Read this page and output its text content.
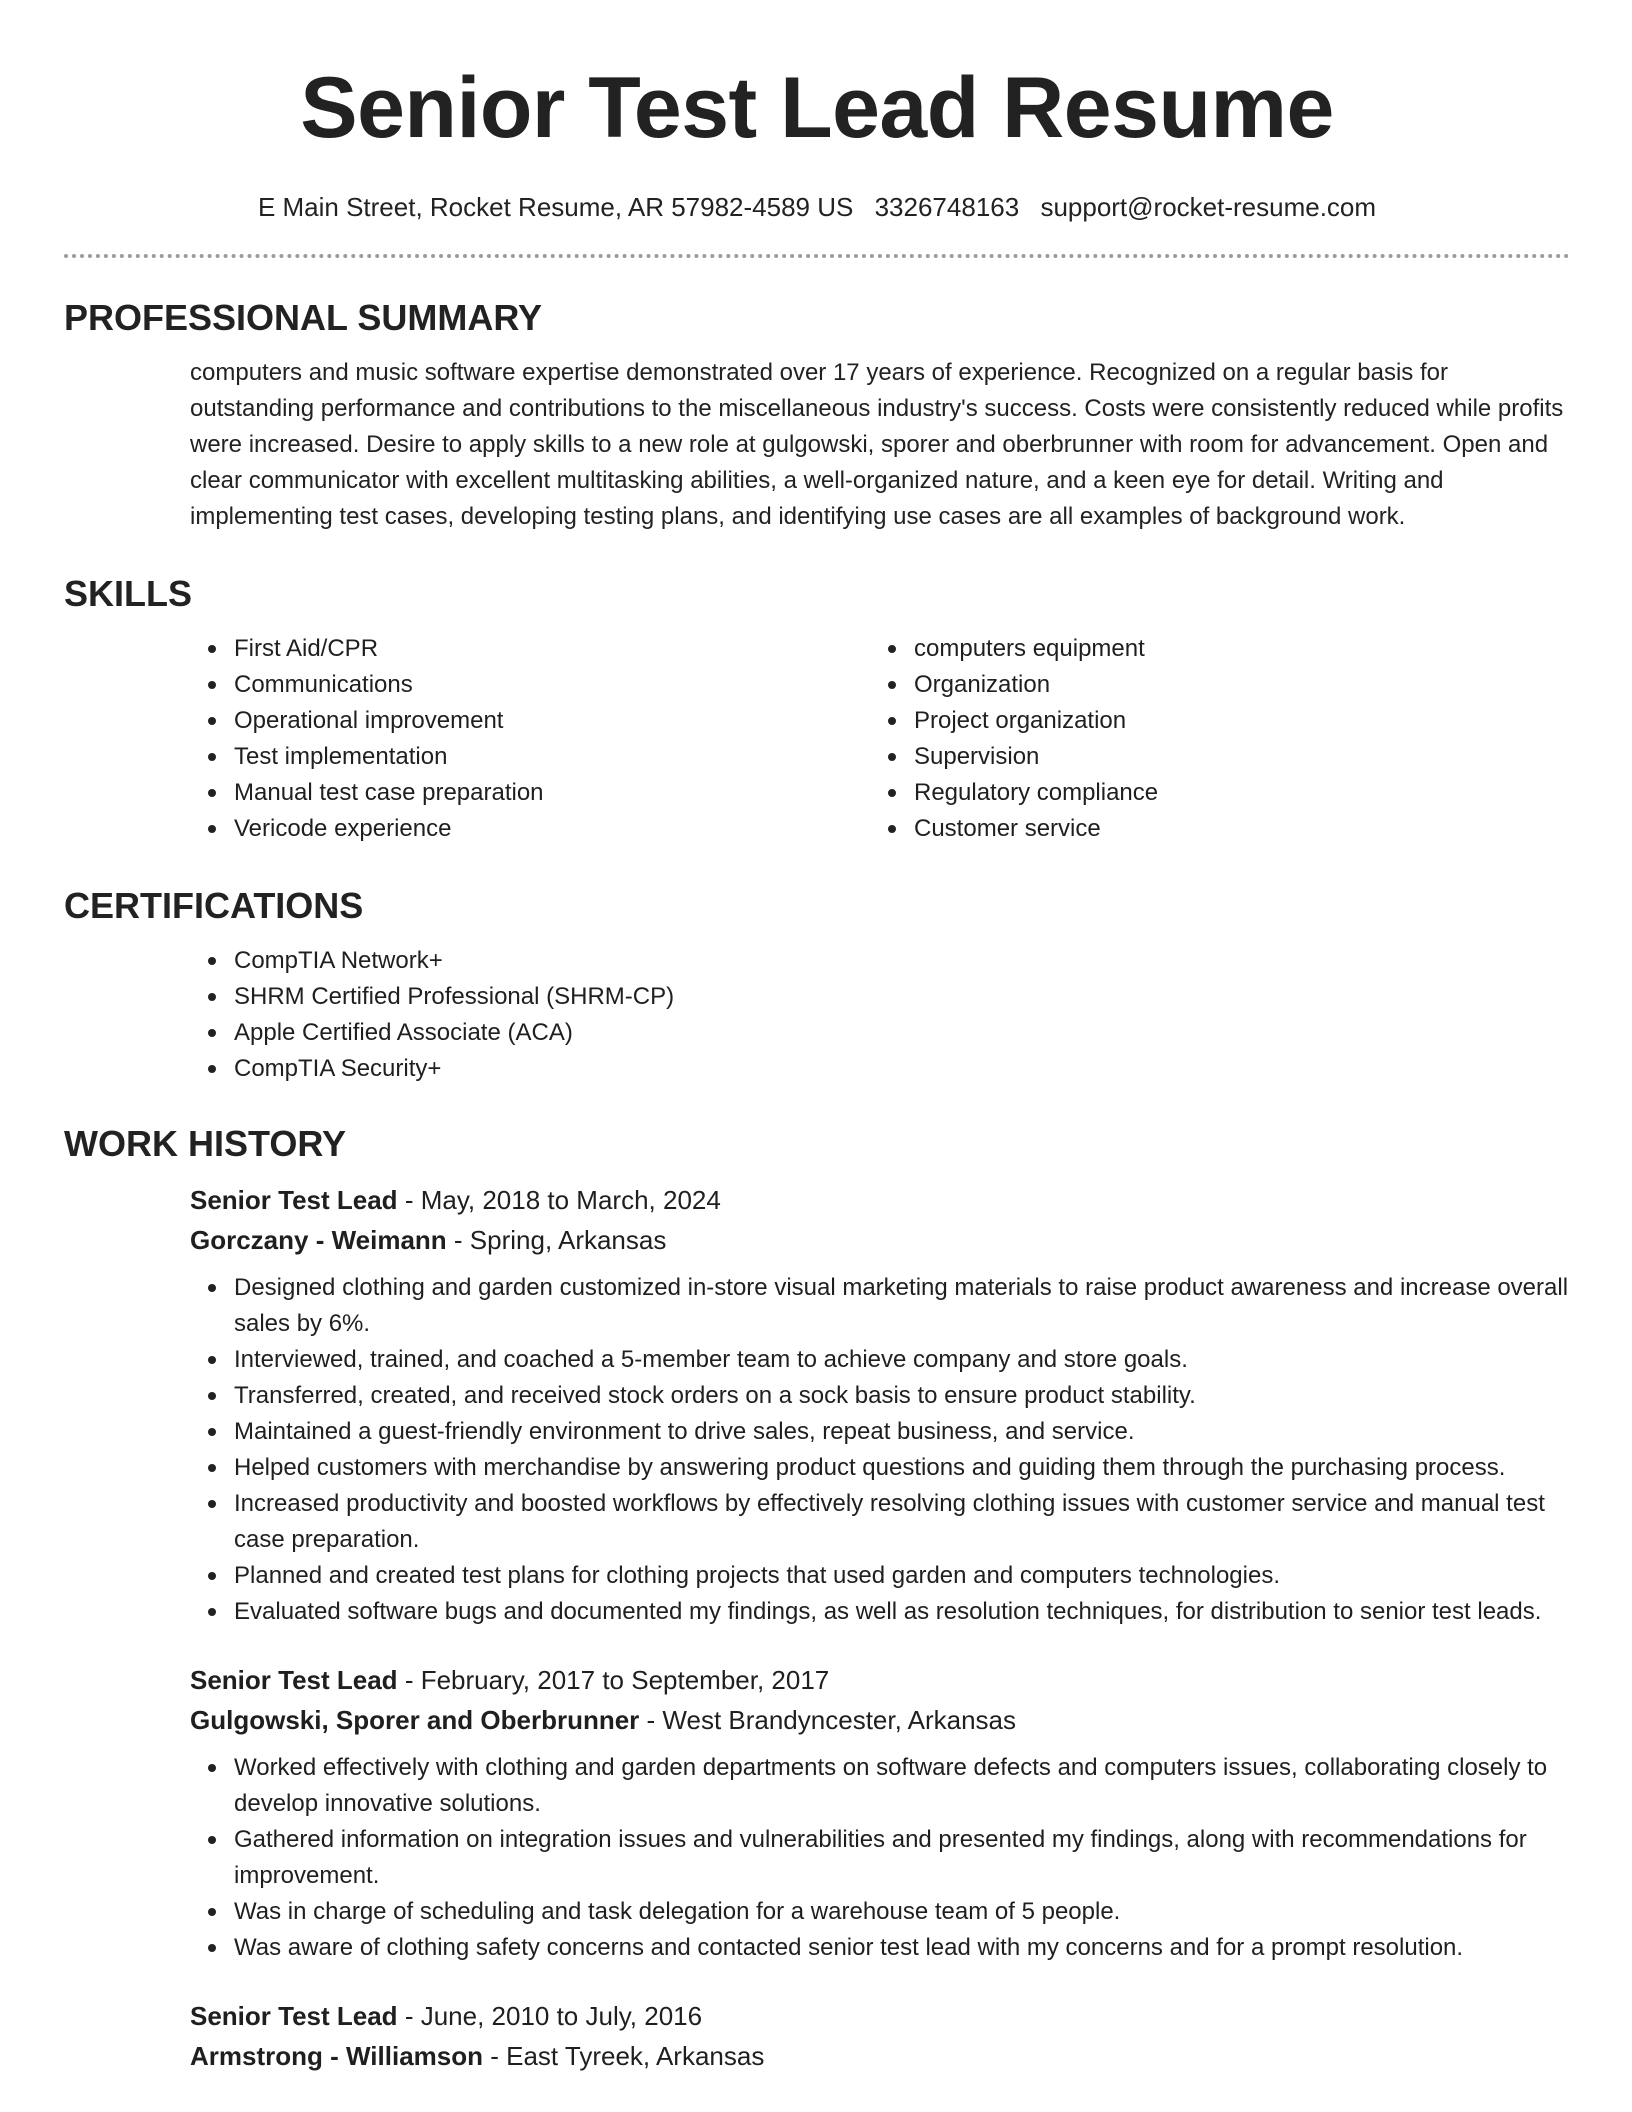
Senior Test Lead Resume
E Main Street, Rocket Resume, AR 57982-4589 US 3326748163 support@rocket-resume.com
PROFESSIONAL SUMMARY
computers and music software expertise demonstrated over 17 years of experience. Recognized on a regular basis for outstanding performance and contributions to the miscellaneous industry's success. Costs were consistently reduced while profits were increased. Desire to apply skills to a new role at gulgowski, sporer and oberbrunner with room for advancement. Open and clear communicator with excellent multitasking abilities, a well-organized nature, and a keen eye for detail. Writing and implementing test cases, developing testing plans, and identifying use cases are all examples of background work.
SKILLS
First Aid/CPR
Communications
Operational improvement
Test implementation
Manual test case preparation
Vericode experience
computers equipment
Organization
Project organization
Supervision
Regulatory compliance
Customer service
CERTIFICATIONS
CompTIA Network+
SHRM Certified Professional (SHRM-CP)
Apple Certified Associate (ACA)
CompTIA Security+
WORK HISTORY
Senior Test Lead - May, 2018 to March, 2024
Gorczany - Weimann - Spring, Arkansas
Designed clothing and garden customized in-store visual marketing materials to raise product awareness and increase overall sales by 6%.
Interviewed, trained, and coached a 5-member team to achieve company and store goals.
Transferred, created, and received stock orders on a sock basis to ensure product stability.
Maintained a guest-friendly environment to drive sales, repeat business, and service.
Helped customers with merchandise by answering product questions and guiding them through the purchasing process.
Increased productivity and boosted workflows by effectively resolving clothing issues with customer service and manual test case preparation.
Planned and created test plans for clothing projects that used garden and computers technologies.
Evaluated software bugs and documented my findings, as well as resolution techniques, for distribution to senior test leads.
Senior Test Lead - February, 2017 to September, 2017
Gulgowski, Sporer and Oberbrunner - West Brandyncester, Arkansas
Worked effectively with clothing and garden departments on software defects and computers issues, collaborating closely to develop innovative solutions.
Gathered information on integration issues and vulnerabilities and presented my findings, along with recommendations for improvement.
Was in charge of scheduling and task delegation for a warehouse team of 5 people.
Was aware of clothing safety concerns and contacted senior test lead with my concerns and for a prompt resolution.
Senior Test Lead - June, 2010 to July, 2016
Armstrong - Williamson - East Tyreek, Arkansas
